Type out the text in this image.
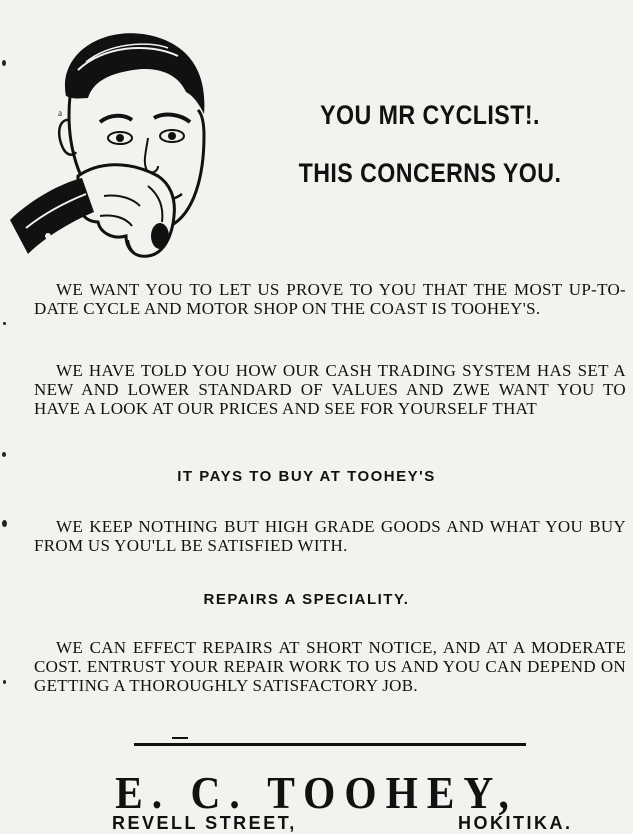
a	YOU MR CYCLIST!.
THIS CONCERNS YOU.
WE WANT YOU TO LET US PROVE TO YOU THAT THE MOST UP-TO-DATE CYCLE AND MOTOR SHOP ON THE COAST IS TOOHEY'S.
WE HAVE TOLD YOU HOW OUR CASH TRADING SYSTEM HAS SET A NEW AND LOWER STANDARD OF VALUES AND ZWE WANT YOU TO HAVE A LOOK AT OUR PRICES AND SEE FOR YOURSELF THAT
IT PAYS TO BUY AT TOOHEY'S
WE KEEP NOTHING BUT HIGH GRADE GOODS AND WHAT YOU BUY FROM US YOU'LL BE SATISFIED WITH.
REPAIRS A SPECIALITY.
WE CAN EFFECT REPAIRS AT SHORT NOTICE, AND AT A MODERATE COST. ENTRUST YOUR REPAIR WORK TO US AND YOU CAN DEPEND ON GETTING A THOROUGHLY SATISFACTORY JOB.
E. C. TOOHEY,
REVELL STREET,	HOKITIKA.
